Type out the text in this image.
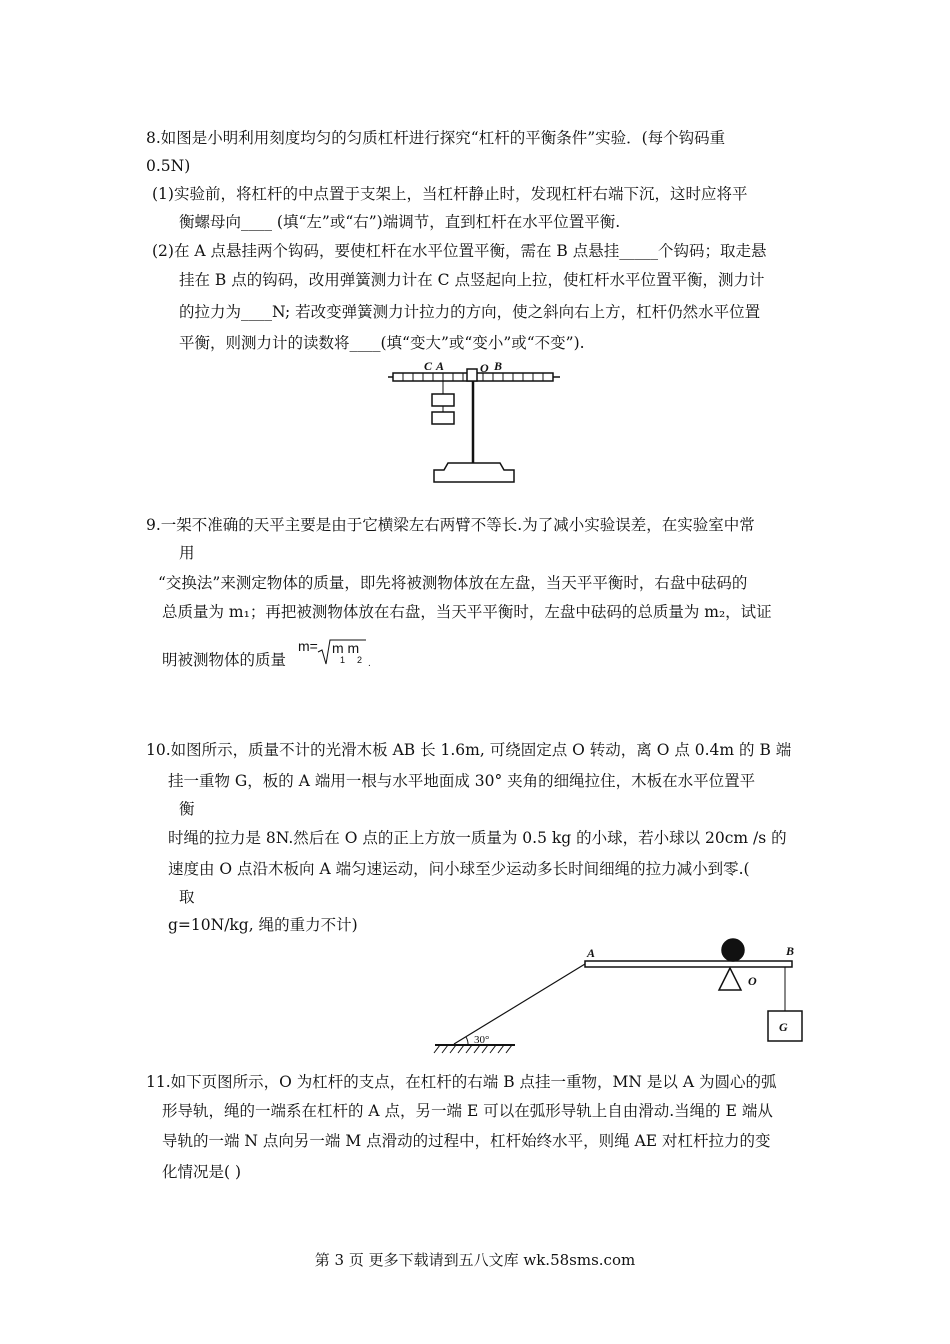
8.如图是小明利用刻度均匀的匀质杠杆进行探究“杠杆的平衡条件”实验．(每个钩码重
0.5N)
(1)实验前，将杠杆的中点置于支架上，当杠杆静止时，发现杠杆右端下沉，这时应将平
衡螺母向____ (填“左”或“右”)端调节，直到杠杆在水平位置平衡.
(2)在 A 点悬挂两个钩码，要使杠杆在水平位置平衡，需在 B 点悬挂_____个钩码；取走悬
挂在 B 点的钩码，改用弹簧测力计在 C 点竖起向上拉，使杠杆水平位置平衡，测力计
的拉力为____N; 若改变弹簧测力计拉力的方向，使之斜向右上方，杠杆仍然水平位置
平衡，则测力计的读数将____(填“变大”或“变小”或“不变”).
C A	O B
9.一架不准确的天平主要是由于它横梁左右两臂不等长.为了减小实验误差，在实验室中常
用
“交换法”来测定物体的质量，即先将被测物体放在左盘，当天平平衡时，右盘中砝码的
总质量为 m₁；再把被测物体放在右盘，当天平平衡时，左盘中砝码的总质量为 m₂，试证
明被测物体的质量
m= m m
1 2 .
10.如图所示，质量不计的光滑木板 AB 长 1.6m, 可绕固定点 O 转动，离 O 点 0.4m 的 B 端
挂一重物 G，板的 A 端用一根与水平地面成 30° 夹角的细绳拉住，木板在水平位置平
衡
时绳的拉力是 8N.然后在 O 点的正上方放一质量为 0.5 kg 的小球，若小球以 20cm /s 的
速度由 O 点沿木板向 A 端匀速运动，问小球至少运动多长时间细绳的拉力减小到零.(
取
g=10N/kg, 绳的重力不计)
A	B
O
G
30°
11.如下页图所示，O 为杠杆的支点，在杠杆的右端 B 点挂一重物，MN 是以 A 为圆心的弧
形导轨，绳的一端系在杠杆的 A 点，另一端 E 可以在弧形导轨上自由滑动.当绳的 E 端从
导轨的一端 N 点向另一端 M 点滑动的过程中，杠杆始终水平，则绳 AE 对杠杆拉力的变
化情况是( )
第 3 页 更多下载请到五八文库 wk.58sms.com
